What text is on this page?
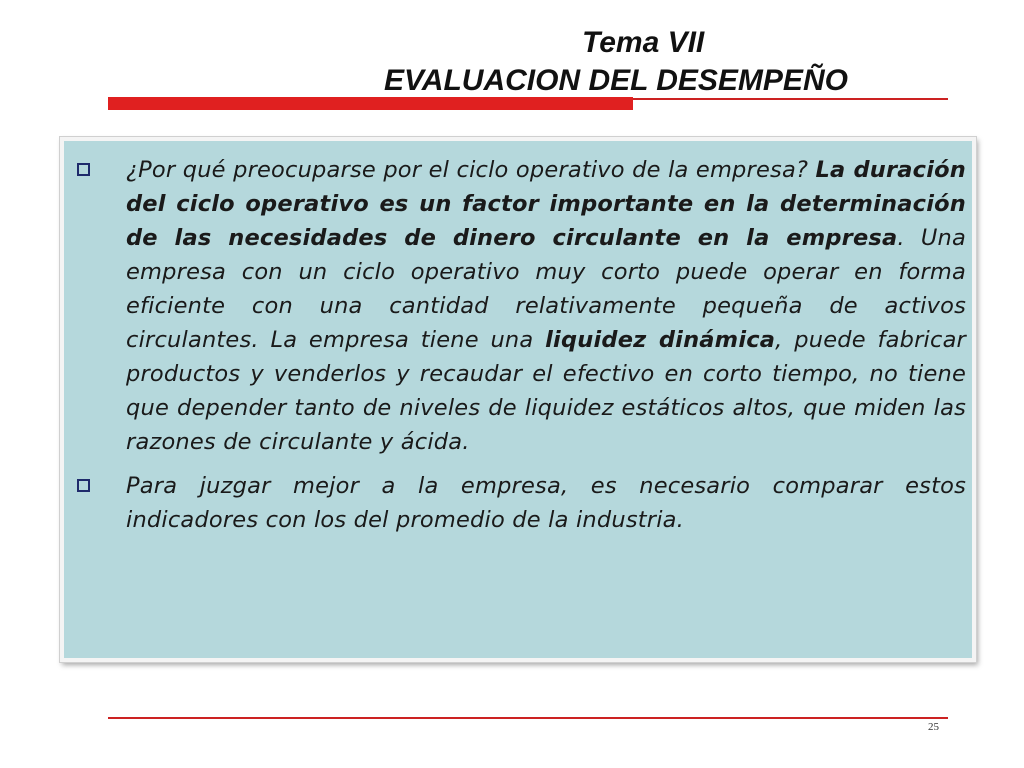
Tema VII
EVALUACION DEL DESEMPEÑO
¿Por qué preocuparse por el ciclo operativo de la empresa? La duración del ciclo operativo es un factor importante en la determinación de las necesidades de dinero circulante en la empresa. Una empresa con un ciclo operativo muy corto puede operar en forma eficiente con una cantidad relativamente pequeña de activos circulantes. La empresa tiene una liquidez dinámica, puede fabricar productos y venderlos y recaudar el efectivo en corto tiempo, no tiene que depender tanto de niveles de liquidez estáticos altos, que miden las razones de circulante y ácida.
Para juzgar mejor a la empresa, es necesario comparar estos indicadores con los del promedio de la industria.
25
